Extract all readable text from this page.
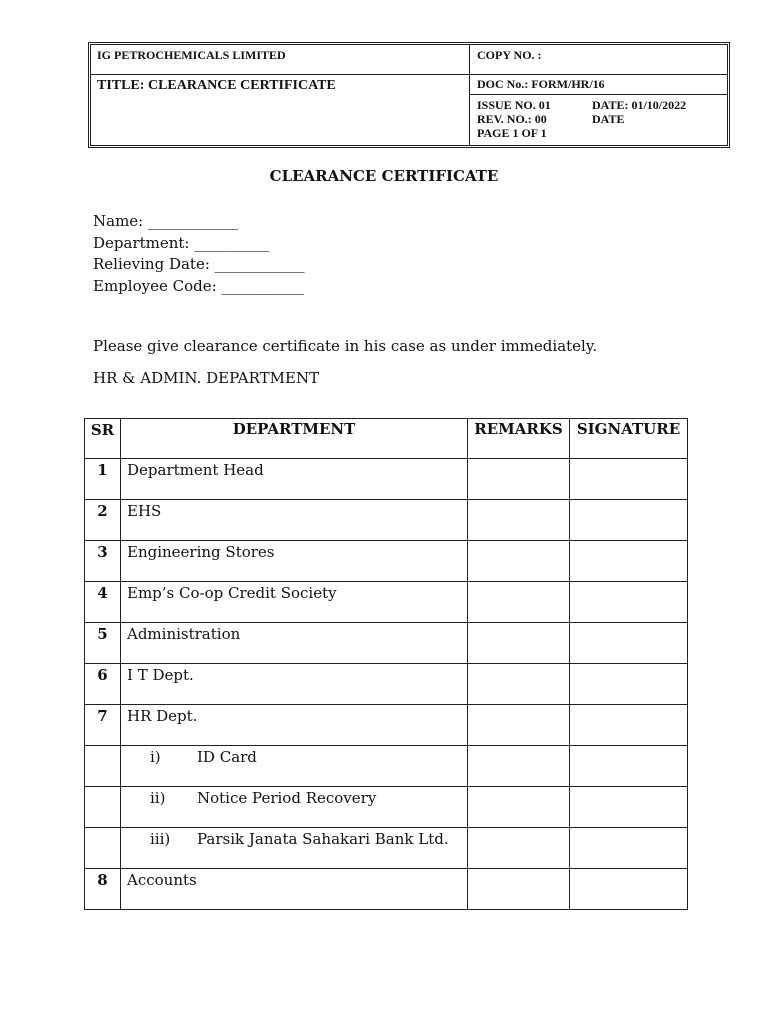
IG PETROCHEMICALS LIMITED	COPY NO. :
TITLE: CLEARANCE CERTIFICATE	DOC No.: FORM/HR/16
ISSUE NO. 01	DATE: 01/10/2022
REV. NO.: 00	DATE
PAGE 1 OF 1
CLEARANCE CERTIFICATE
Name: ____________
Department: __________
Relieving Date: ____________
Employee Code: ___________
Please give clearance certificate in his case as under immediately.
HR & ADMIN. DEPARTMENT
SR	DEPARTMENT	REMARKS	SIGNATURE
1	Department Head		

2	EHS		

3	Engineering Stores		

4	Emp’s Co-op Credit Society		

5	Administration		

6	I T Dept.		

7	HR Dept.		

	i) ID Card		

	ii) Notice Period Recovery		

	iii) Parsik Janata Sahakari Bank Ltd.		

8	Accounts		
